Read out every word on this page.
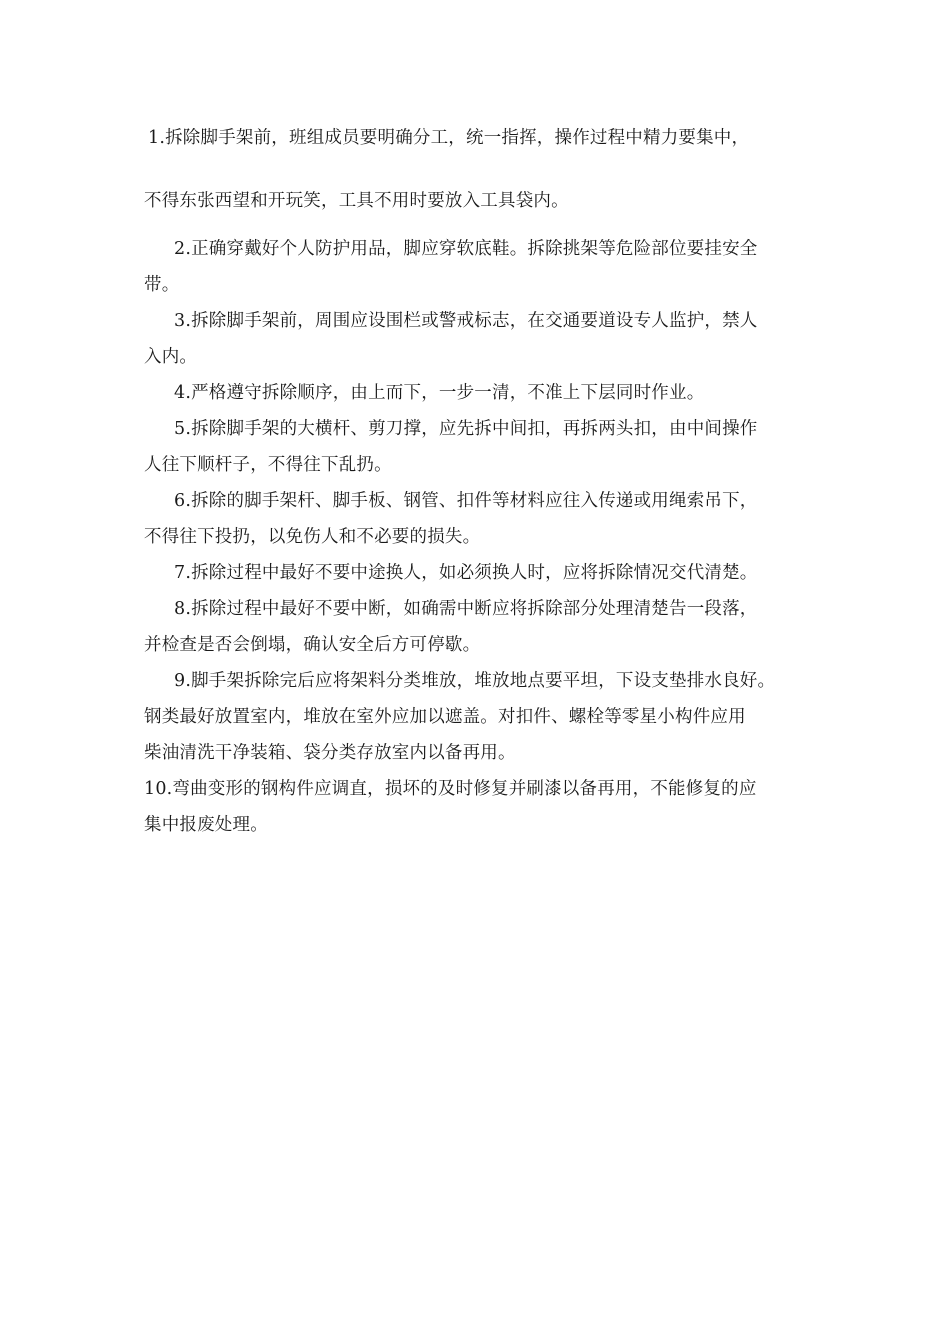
1.拆除脚手架前，班组成员要明确分工，统一指挥，操作过程中精力要集中，
不得东张西望和开玩笑，工具不用时要放入工具袋内。
2.正确穿戴好个人防护用品，脚应穿软底鞋。拆除挑架等危险部位要挂安全
带。
3.拆除脚手架前，周围应设围栏或警戒标志，在交通要道设专人监护，禁人
入内。
4.严格遵守拆除顺序，由上而下，一步一清，不准上下层同时作业。
5.拆除脚手架的大横杆、剪刀撑，应先拆中间扣，再拆两头扣，由中间操作
人往下顺杆子，不得往下乱扔。
6.拆除的脚手架杆、脚手板、钢管、扣件等材料应往入传递或用绳索吊下，
不得往下投扔，以免伤人和不必要的损失。
7.拆除过程中最好不要中途换人，如必须换人时，应将拆除情况交代清楚。
8.拆除过程中最好不要中断，如确需中断应将拆除部分处理清楚告一段落，
并检查是否会倒塌，确认安全后方可停歇。
9.脚手架拆除完后应将架料分类堆放，堆放地点要平坦，下设支垫排水良好。
钢类最好放置室内，堆放在室外应加以遮盖。对扣件、螺栓等零星小构件应用
柴油清洗干净装箱、袋分类存放室内以备再用。
10.弯曲变形的钢构件应调直，损坏的及时修复并刷漆以备再用，不能修复的应
集中报废处理。
